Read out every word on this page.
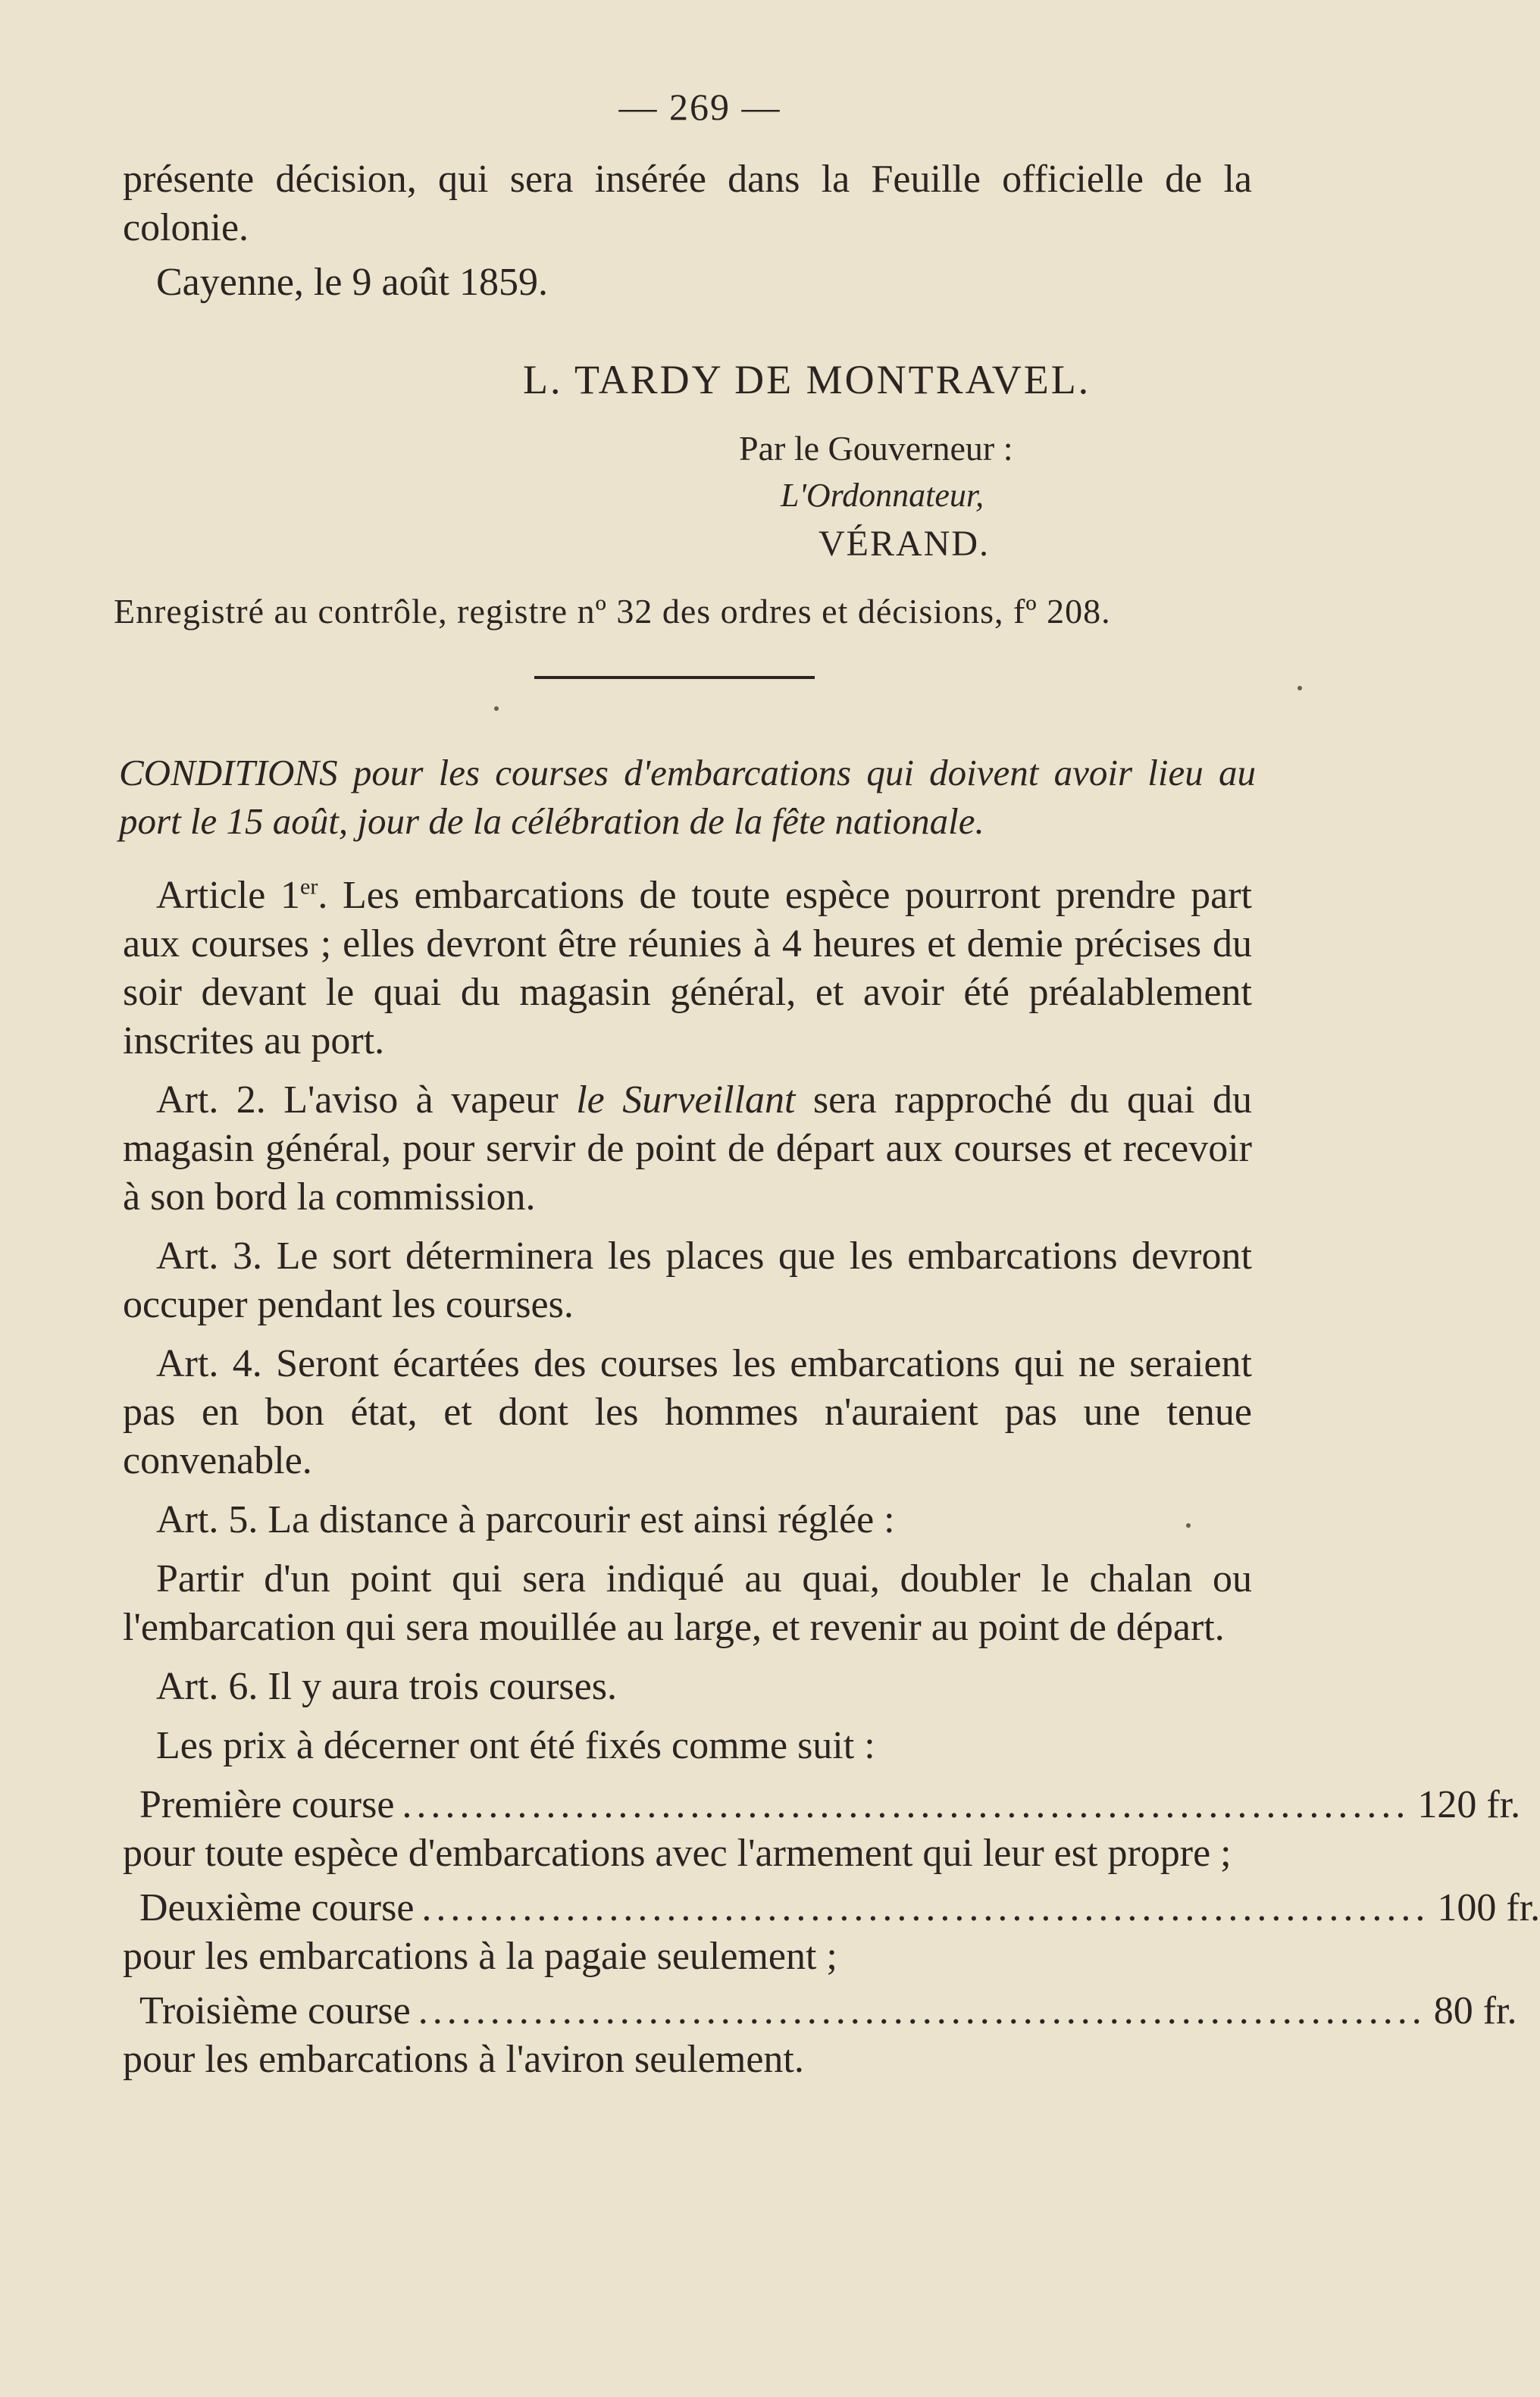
— 269 —

présente décision, qui sera insérée dans la Feuille officielle de la colonie.

Cayenne, le 9 août 1859.

L. TARDY DE MONTRAVEL.
Par le Gouverneur :
L'Ordonnateur,
VÉRAND.
Enregistré au contrôle, registre nº 32 des ordres et décisions, fº 208.
CONDITIONS pour les courses d'embarcations qui doivent avoir lieu au port le 15 août, jour de la célébration de la fête nationale.

Article 1er. Les embarcations de toute espèce pourront prendre part aux courses ; elles devront être réunies à 4 heures et demie précises du soir devant le quai du magasin général, et avoir été préalablement inscrites au port.

Art. 2. L'aviso à vapeur le Surveillant sera rapproché du quai du magasin général, pour servir de point de départ aux courses et recevoir à son bord la commission.

Art. 3. Le sort déterminera les places que les embarcations devront occuper pendant les courses.

Art. 4. Seront écartées des courses les embarcations qui ne seraient pas en bon état, et dont les hommes n'auraient pas une tenue convenable.

Art. 5. La distance à parcourir est ainsi réglée :

Partir d'un point qui sera indiqué au quai, doubler le chalan ou l'embarcation qui sera mouillée au large, et revenir au point de départ.

Art. 6. Il y aura trois courses.

Les prix à décerner ont été fixés comme suit :

Première course ...................................................................... 120 fr.

pour toute espèce d'embarcations avec l'armement qui leur est propre ;

Deuxième course ...................................................................... 100 fr.

pour les embarcations à la pagaie seulement ;

Troisième course ...................................................................... 80 fr.

pour les embarcations à l'aviron seulement.
